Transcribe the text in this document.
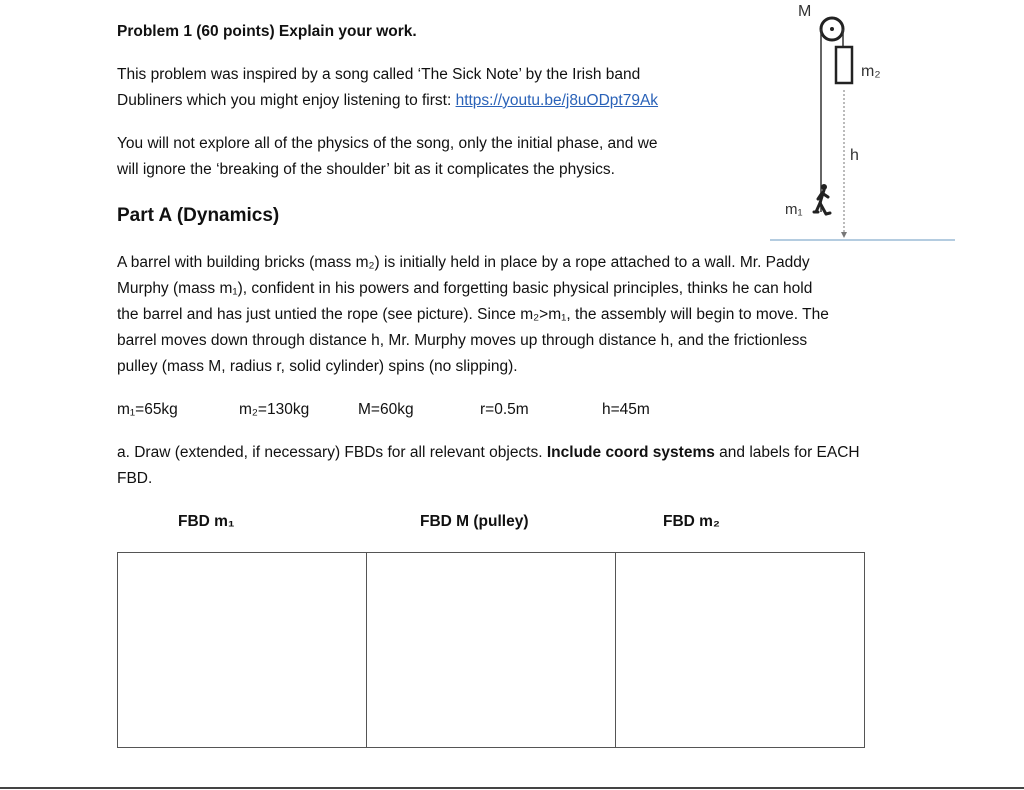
Problem 1 (60 points) Explain your work.
This problem was inspired by a song called ‘The Sick Note’ by the Irish band
Dubliners which you might enjoy listening to first: https://youtu.be/j8uODpt79Ak
You will not explore all of the physics of the song, only the initial phase, and we
will ignore the ‘breaking of the shoulder’ bit as it complicates the physics.
Part A (Dynamics)
A barrel with building bricks (mass m₂) is initially held in place by a rope attached to a wall. Mr. Paddy
Murphy (mass m₁), confident in his powers and forgetting basic physical principles, thinks he can hold
the barrel and has just untied the rope (see picture). Since m₂>m₁, the assembly will begin to move. The
barrel moves down through distance h, Mr. Murphy moves up through distance h, and the frictionless
pulley (mass M, radius r, solid cylinder) spins (no slipping).
m₁=65kg	m₂=130kg	M=60kg	r=0.5m	h=45m
a. Draw (extended, if necessary) FBDs for all relevant objects. Include coord systems and labels for EACH
FBD.
FBD m₁	FBD M (pulley)	FBD m₂
M
m₂
h
m₁
